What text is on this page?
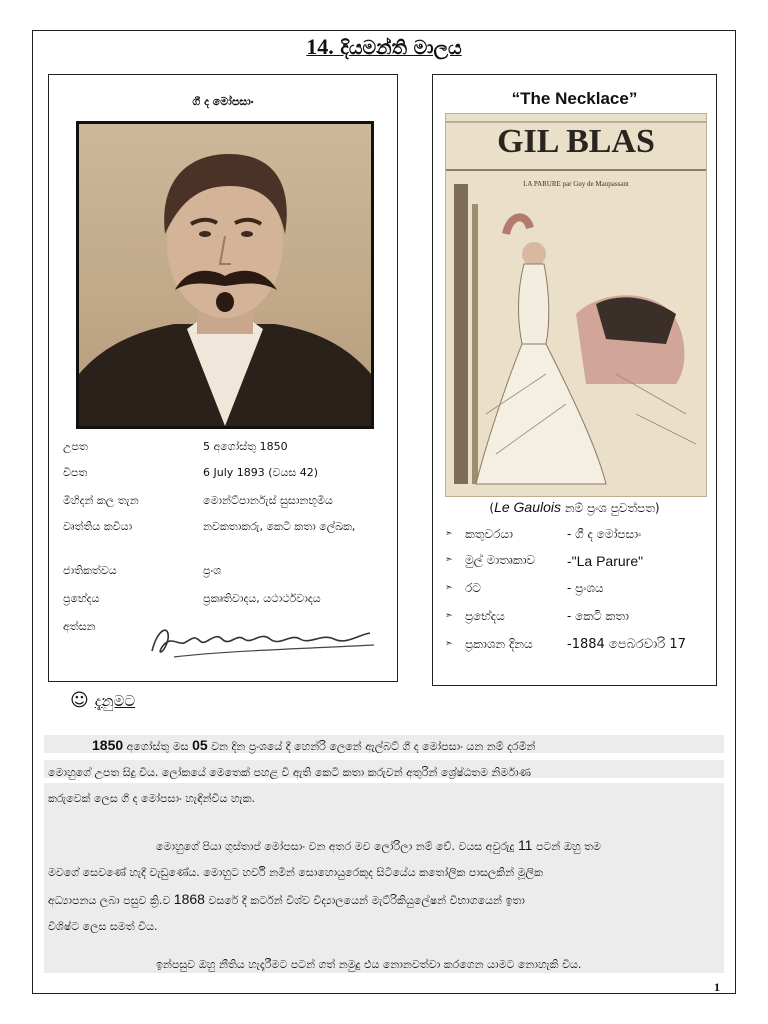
14. දියමන්ති මාලය
ගී ද මෝපසාං
උපත	5 අගෝස්තු 1850
විපත	6 July 1893 (වයස 42)
මිහිදන් කල තැන	මොන්ට්පාර්නැස් සුසානභූමිය
වෘත්තිය කවියා	නවකතාකරු, කෙටි කතා ලේඛක,
ජාතිකත්වය	ප්‍රංශ
ප්‍රභේදය	ප්‍රකෘතිවාදය, යථාර්ථවාදය
අත්සන
“The Necklace”
GIL BLAS
LA PARURE par Guy de Maupassant
(Le Gaulois නම් ප්‍රංශ පුවත්පත)
➣ කතුවරයා	- ගී ද මෝපසාං
➣ මුල් මාතෘකාව -"La Parure"
➣ රට	- ප්‍රංශය
➣ ප්‍රභේදය	- කෙටි කතා
➣ ප්‍රකාශන දිනය	-1884 පෙබරවාරි 17
☺ දැනුමට
1850 අගෝස්තු මස 05 වන දින ප්‍රංශයේ දී හෙන්රි ලෙනේ ඇල්බට් ගී ද මෝපසාං යන නම් දරමින්
මොහුගේ උපත සිදු විය. ලෝකයේ මෙතෙක් පහළ වී ඇති කෙටි කතා කරුවන් අතුරින් ශ්‍රේෂ්ඨතම නිර්මාණ
කරුවෙක් ලෙස ගී ද මෝපසාං හැඳින්විය හැක.
මොහුගේ පියා ගුස්තාප් මෝපසාං වන අතර මව ලෝරිලා නම් වේ. වයස අවුරුදු 11 පටන් ඔහු තම
මවගේ සෙවණේ හැදී වැඩුණේය. මොහුට හර්වි නමින් සොහොයුරෙකුද සිටියේය කතෝලික පාසලකින් මූලික
අධ්‍යාපනය ලබා පසුව ක්‍රි.ව 1868 වසරේ දී කර්ටන් විශ්ව විද්‍යාලයෙන් මැට්රිකියුලේෂන් විභාගයෙන් ඉතා
විශිෂ්ට ලෙස සමත් විය.
ඉන්පසුව ඔහු නීතිය හැදෑරීමට පටන් ගත් නමුදු එය නොනවත්වා කරගෙන යාමට නොහැකි විය.
1
